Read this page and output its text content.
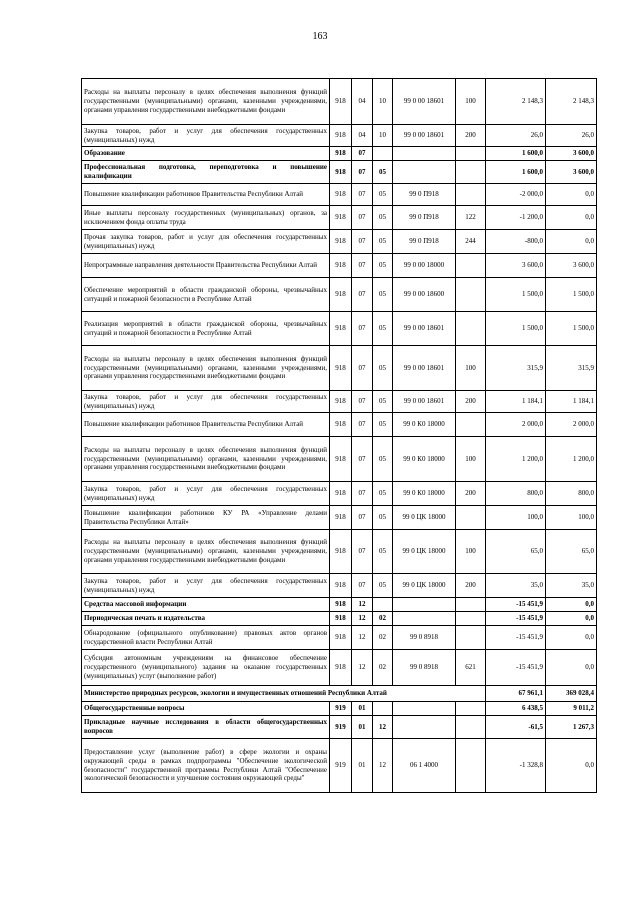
163
Расходы на выплаты персоналу в целях обеспечения выполнения функций государственными (муниципальными) органами, казенными учреждениями, органами управления государственными внебюджетными фондами	918	04	10	99 0 00 18601	100	2 148,3	2 148,3
Закупка товаров, работ и услуг для обеспечения государственных (муниципальных) нужд	918	04	10	99 0 00 18601	200	26,0	26,0
Образование	918	07				1 600,0	3 600,0
Профессиональная подготовка, переподготовка и повышение квалификации	918	07	05			1 600,0	3 600,0
Повышение квалификации работников Правительства Республики Алтай	918	07	05	99 0 П918		-2 000,0	0,0
Иные выплаты персоналу государственных (муниципальных) органов, за исключением фонда оплаты труда	918	07	05	99 0 П918	122	-1 200,0	0,0
Прочая закупка товаров, работ и услуг для обеспечения государственных (муниципальных) нужд	918	07	05	99 0 П918	244	-800,0	0,0
Непрограммные направления деятельности Правительства Республики Алтай	918	07	05	99 0 00 18000		3 600,0	3 600,0
Обеспечение мероприятий в области гражданской обороны, чрезвычайных ситуаций и пожарной безопасности в Республике Алтай	918	07	05	99 0 00 18600		1 500,0	1 500,0
Реализация мероприятий в области гражданской обороны, чрезвычайных ситуаций и пожарной безопасности в Республике Алтай	918	07	05	99 0 00 18601		1 500,0	1 500,0
Расходы на выплаты персоналу в целях обеспечения выполнения функций государственными (муниципальными) органами, казенными учреждениями, органами управления государственными внебюджетными фондами	918	07	05	99 0 00 18601	100	315,9	315,9
Закупка товаров, работ и услуг для обеспечения государственных (муниципальных) нужд	918	07	05	99 0 00 18601	200	1 184,1	1 184,1
Повышение квалификации работников Правительства Республики Алтай	918	07	05	99 0 К0 18000		2 000,0	2 000,0
Расходы на выплаты персоналу в целях обеспечения выполнения функций государственными (муниципальными) органами, казенными учреждениями, органами управления государственными внебюджетными фондами	918	07	05	99 0 К0 18000	100	1 200,0	1 200,0
Закупка товаров, работ и услуг для обеспечения государственных (муниципальных) нужд	918	07	05	99 0 К0 18000	200	800,0	800,0
Повышение квалификации работников КУ РА «Управление делами Правительства Республики Алтай»	918	07	05	99 0 ЦК 18000		100,0	100,0
Расходы на выплаты персоналу в целях обеспечения выполнения функций государственными (муниципальными) органами, казенными учреждениями, органами управления государственными внебюджетными фондами	918	07	05	99 0 ЦК 18000	100	65,0	65,0
Закупка товаров, работ и услуг для обеспечения государственных (муниципальных) нужд	918	07	05	99 0 ЦК 18000	200	35,0	35,0
Средства массовой информации	918	12				-15 451,9	0,0
Периодическая печать и издательства	918	12	02			-15 451,9	0,0
Обнародование (официального опубликование) правовых актов органов государственной власти Республики Алтай	918	12	02	99 0 8918		-15 451,9	0,0
Субсидия автономным учреждениям на финансовое обеспечение государственного (муниципального) задания на оказание государственных (муниципальных) услуг (выполнение работ)	918	12	02	99 0 8918	621	-15 451,9	0,0
Министерство природных ресурсов, экологии и имущественных отношений Республики Алтай						67 961,1	369 028,4
Общегосударственные вопросы	919	01				6 438,5	9 011,2
Прикладные научные исследования в области общегосударственных вопросов	919	01	12			-61,5	1 267,3
Предоставление услуг (выполнение работ) в сфере экологии и охраны окружающей среды в рамках подпрограммы "Обеспечение экологической безопасности" государственной программы Республики Алтай "Обеспечение экологической безопасности и улучшение состояния окружающей среды"	919	01	12	06 1 4000		-1 328,8	0,0
